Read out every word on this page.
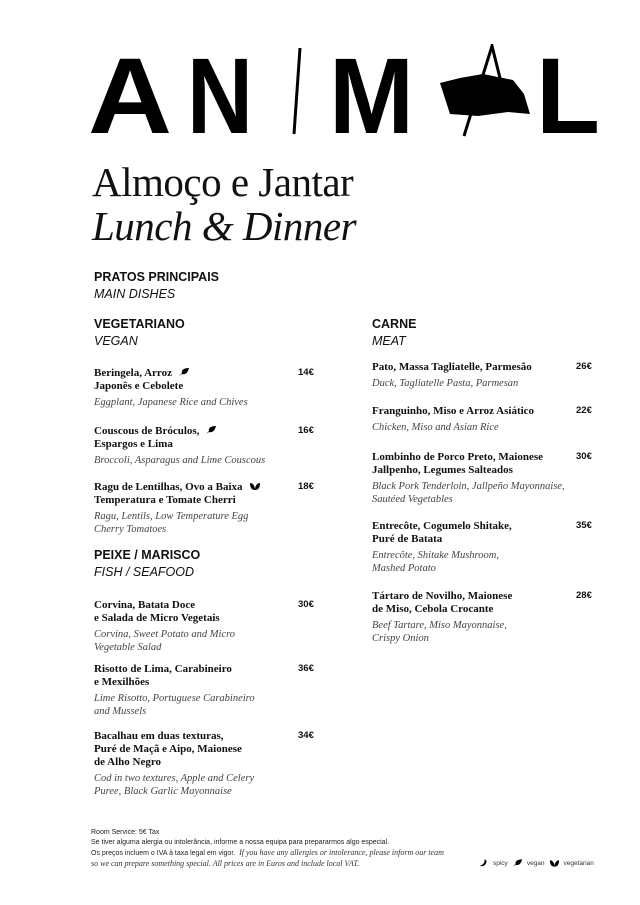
A N M L
Almoço e Jantar
Lunch & Dinner
PRATOS PRINCIPAIS
MAIN DISHES
VEGETARIANO
VEGAN
Beringela, Arroz
Japonês e Cebolete
Eggplant, Japanese Rice and Chives
14€
Couscous de Bróculos,
Espargos e Lima
Broccoli, Asparagus and Lime Couscous
16€
Ragu de Lentilhas, Ovo a Baixa
Temperatura e Tomate Cherri
Ragu, Lentils, Low Temperature Egg
Cherry Tomatoes
18€
PEIXE / MARISCO
FISH / SEAFOOD
Corvina, Batata Doce
e Salada de Micro Vegetais
Corvina, Sweet Potato and Micro
Vegetable Salad
30€
Risotto de Lima, Carabineiro
e Mexilhões
Lime Risotto, Portuguese Carabineiro
and Mussels
36€
Bacalhau em duas texturas,
Puré de Maçã e Aipo, Maionese
de Alho Negro
Cod in two textures, Apple and Celery
Puree, Black Garlic Mayonnaise
34€
CARNE
MEAT
Pato, Massa Tagliatelle, Parmesão
Duck, Tagliatelle Pasta, Parmesan
26€
Franguinho, Miso e Arroz Asiático
Chicken, Miso and Asian Rice
22€
Lombinho de Porco Preto, Maionese
Jallpenho, Legumes Salteados
Black Pork Tenderloin, Jallpeño Mayonnaise,
Sautéed Vegetables
30€
Entrecôte, Cogumelo Shitake,
Puré de Batata
Entrecôte, Shitake Mushroom,
Mashed Potato
35€
Tártaro de Novilho, Maionese
de Miso, Cebola Crocante
Beef Tartare, Miso Mayonnaise,
Crispy Onion
28€
Room Service: 5€ Tax
Se tiver alguma alergia ou intolerância, informe a nossa equipa para prepararmos algo especial.
Os preços incluem o IVA à taxa legal em vigor. If you have any allergies or intolerance, please inform our team so we can prepare something special. All prices are in Euros and include local VAT.	spicy	vegan	vegetarian
